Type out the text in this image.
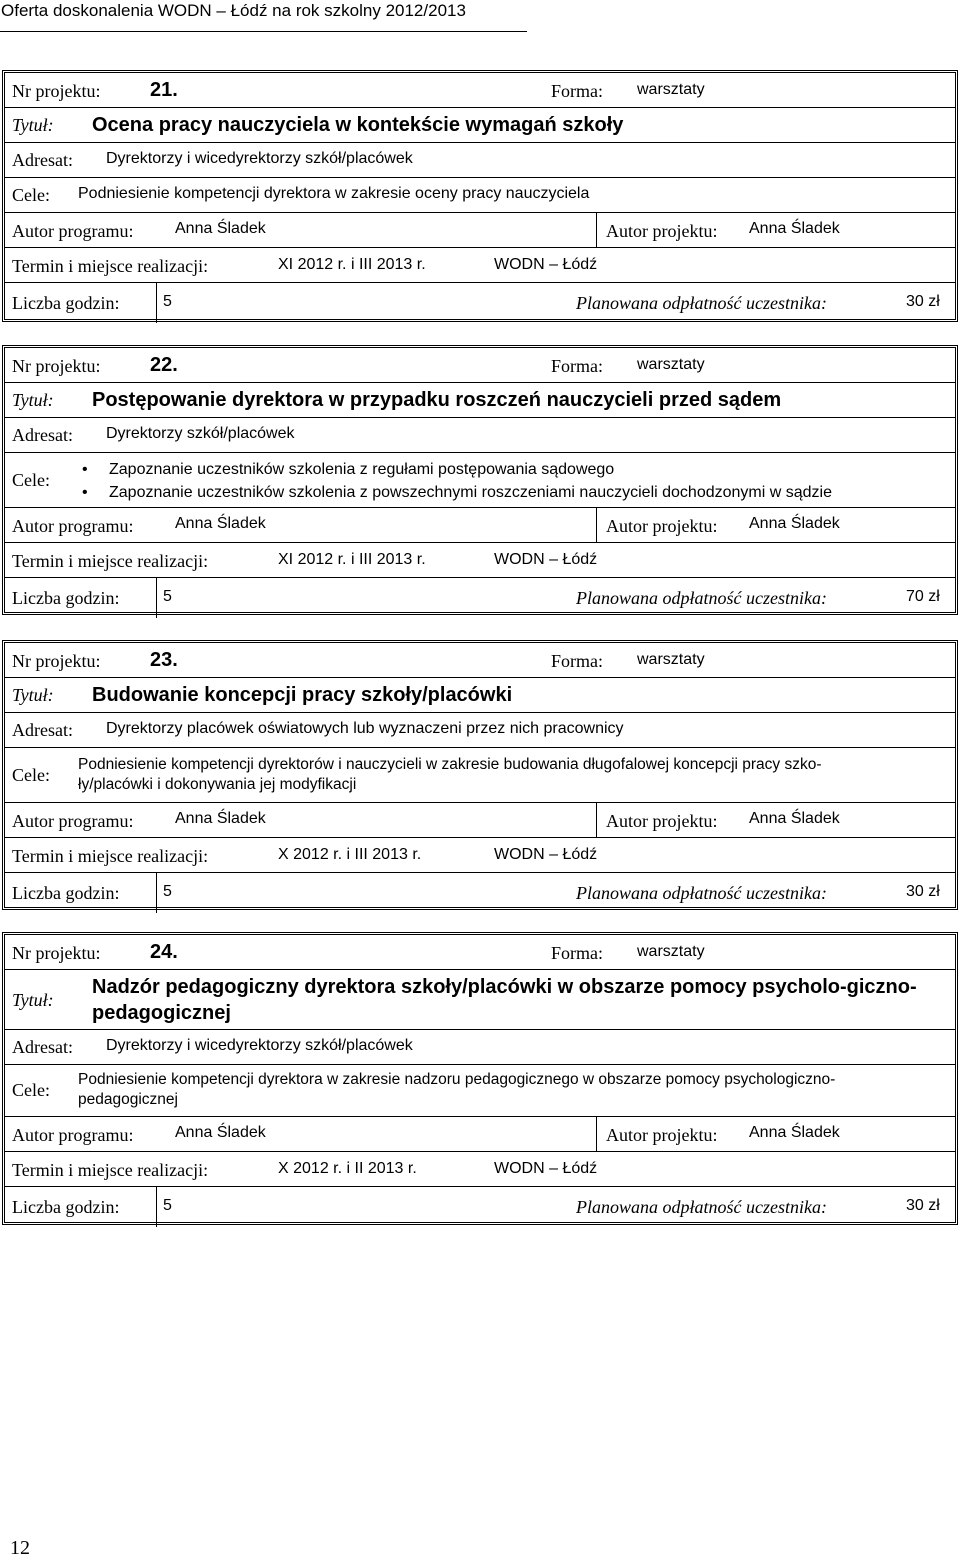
Oferta doskonalenia WODN – Łódź na rok szkolny 2012/2013
Nr projektu: 21.	Forma: warsztaty
Tytuł: Ocena pracy nauczyciela w kontekście wymagań szkoły
Adresat: Dyrektorzy i wicedyrektorzy szkół/placówek
Cele: Podniesienie kompetencji dyrektora w zakresie oceny pracy nauczyciela
Autor programu:	Anna Śladek	Autor projektu: Anna Śladek
Termin i miejsce realizacji:	XI 2012 r. i III 2013 r.	WODN – Łódź
Liczba godzin:	5	Planowana odpłatność uczestnika:	30 zł
Nr projektu: 22.	Forma: warsztaty
Tytuł: Postępowanie dyrektora w przypadku roszczeń nauczycieli przed sądem
Adresat: Dyrektorzy szkół/placówek
Cele:
• Zapoznanie uczestników szkolenia z regułami postępowania sądowego
• Zapoznanie uczestników szkolenia z powszechnymi roszczeniami nauczycieli dochodzonymi w sądzie
Autor programu:	Anna Śladek	Autor projektu: Anna Śladek
Termin i miejsce realizacji:	XI 2012 r. i III 2013 r.	WODN – Łódź
Liczba godzin:	5	Planowana odpłatność uczestnika:	70 zł
Nr projektu: 23.	Forma: warsztaty
Tytuł: Budowanie koncepcji pracy szkoły/placówki
Adresat: Dyrektorzy placówek oświatowych lub wyznaczeni przez nich pracownicy
Cele:
Podniesienie kompetencji dyrektorów i nauczycieli w zakresie budowania długofalowej koncepcji pracy szko-ły/placówki i dokonywania jej modyfikacji
Autor programu:	Anna Śladek	Autor projektu: Anna Śladek
Termin i miejsce realizacji:	X 2012 r. i III 2013 r.	WODN – Łódź
Liczba godzin:	5	Planowana odpłatność uczestnika:	30 zł
Nr projektu: 24.	Forma: warsztaty
Tytuł:
Nadzór pedagogiczny dyrektora szkoły/placówki w obszarze pomocy psycholo-giczno-pedagogicznej
Adresat: Dyrektorzy i wicedyrektorzy szkół/placówek
Cele:
Podniesienie kompetencji dyrektora w zakresie nadzoru pedagogicznego w obszarze pomocy psychologiczno-pedagogicznej
Autor programu:	Anna Śladek	Autor projektu: Anna Śladek
Termin i miejsce realizacji:	X 2012 r. i II 2013 r.	WODN – Łódź
Liczba godzin:	5	Planowana odpłatność uczestnika:	30 zł
12
